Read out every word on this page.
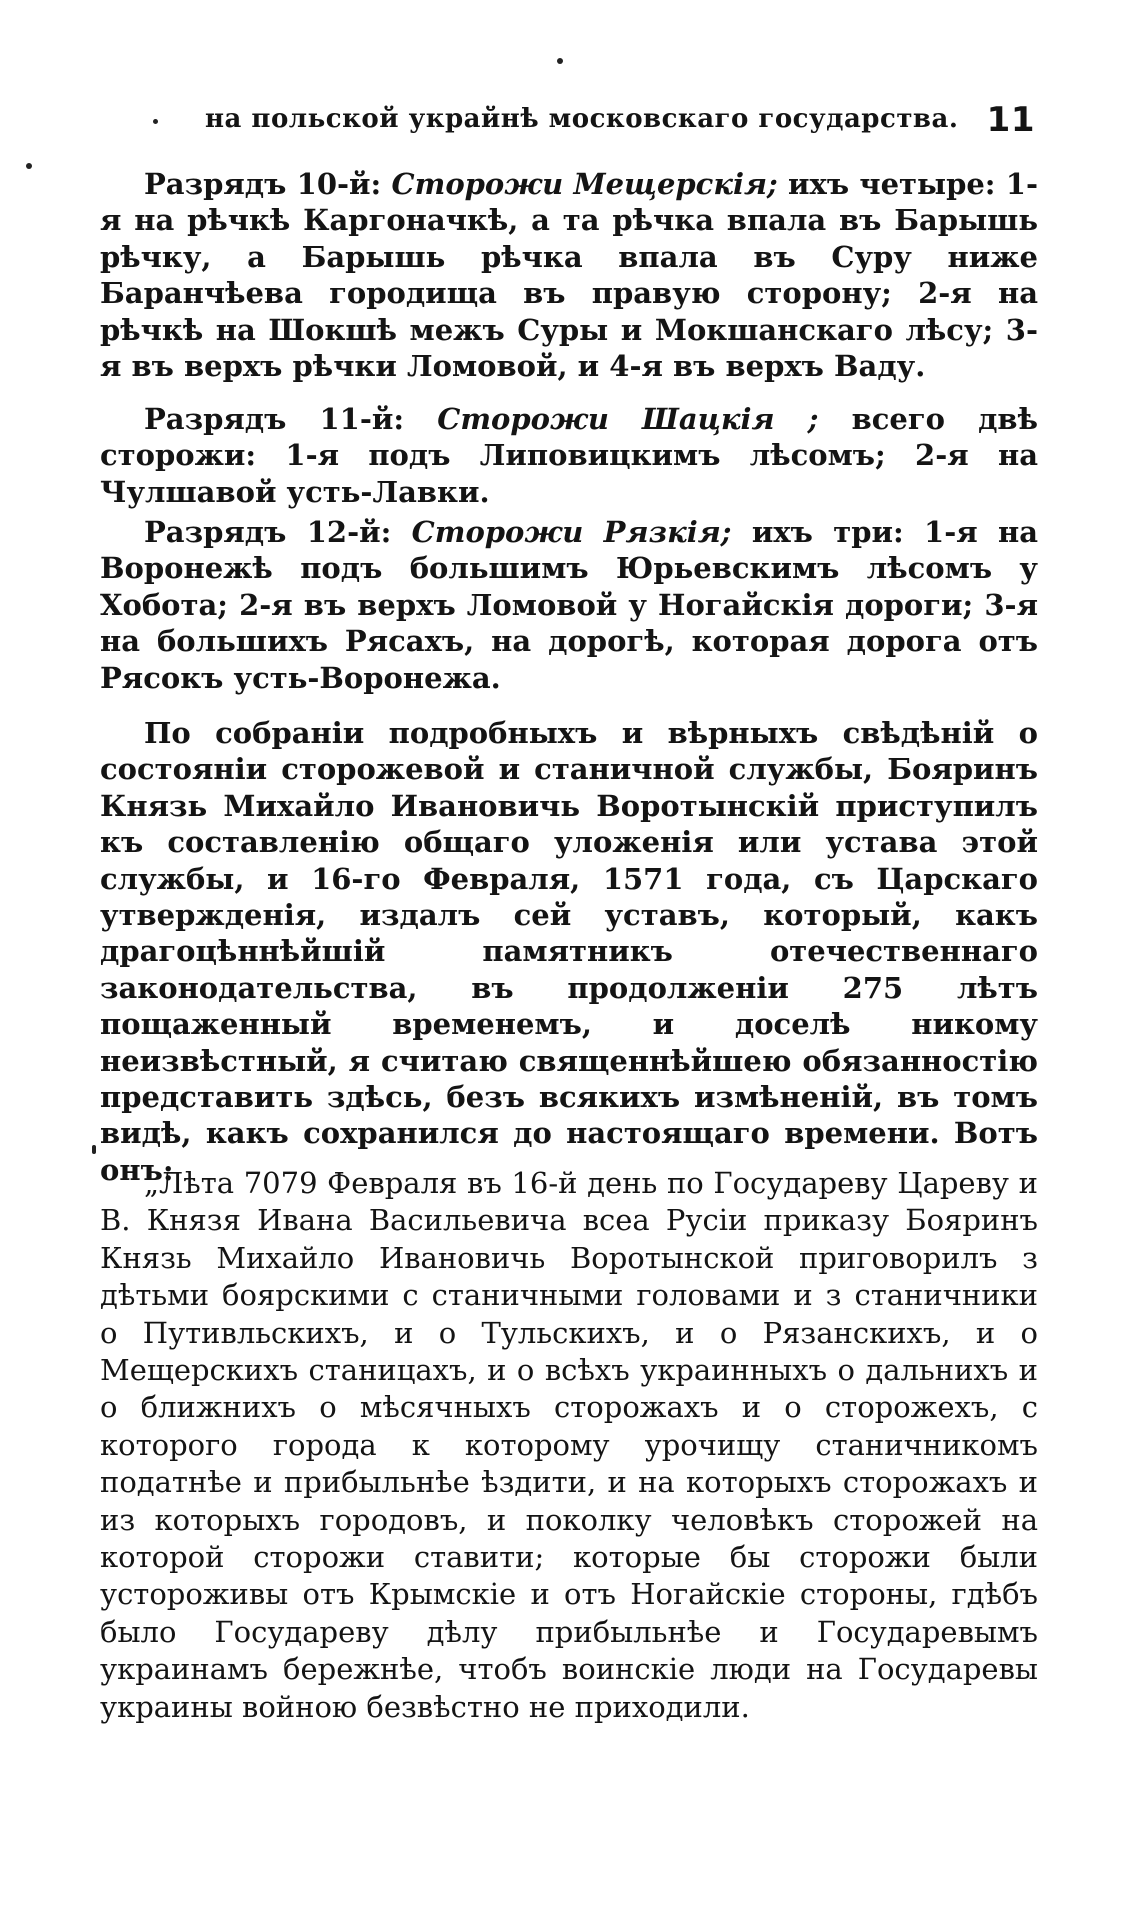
на польской украйнѣ московскаго государства. 11

Разрядъ 10-й: Сторожи Мещерскія; ихъ четыре: 1-я на рѣчкѣ Каргоначкѣ, а та рѣчка впала въ Барышь рѣчку, а Барышь рѣчка впала въ Суру ниже Баранчѣева городища въ правую сторону; 2-я на рѣчкѣ на Шокшѣ межъ Суры и Мокшанскаго лѣсу; 3-я въ верхъ рѣчки Ломовой, и 4-я въ верхъ Ваду.

Разрядъ 11-й: Сторожи Шацкія ; всего двѣ сторожи: 1-я подъ Липовицкимъ лѣсомъ; 2-я на Чулшавой усть-Лавки.

Разрядъ 12-й: Сторожи Рязкія; ихъ три: 1-я на Воронежѣ подъ большимъ Юрьевскимъ лѣсомъ у Хобота; 2-я въ верхъ Ломовой у Ногайскія дороги; 3-я на большихъ Рясахъ, на дорогѣ, которая дорога отъ Рясокъ усть-Воронежа.

По собраніи подробныхъ и вѣрныхъ свѣдѣній о состояніи сторожевой и станичной службы, Бояринъ Князь Михайло Ивановичь Воротынскій приступилъ къ составленію общаго уложенія или устава этой службы, и 16-го Февраля, 1571 года, съ Царскаго утвержденія, издалъ сей уставъ, который, какъ драгоцѣннѣйшій памятникъ отечественнаго законодательства, въ продолженіи 275 лѣтъ пощаженный временемъ, и доселѣ никому неизвѣстный, я считаю священнѣйшею обязанностію представить здѣсь, безъ всякихъ измѣненій, въ томъ видѣ, какъ сохранился до настоящаго времени. Вотъ онъ:

„Лѣта 7079 Февраля въ 16-й день по Государеву Цареву и В. Князя Ивана Васильевича всеа Русіи приказу Бояринъ Князь Михайло Ивановичь Воротынской приговорилъ з дѣтьми боярскими с станичными головами и з станичники о Путивльскихъ, и о Тульскихъ, и о Рязанскихъ, и о Мещерскихъ станицахъ, и о всѣхъ украинныхъ о дальнихъ и о ближнихъ о мѣсячныхъ сторожахъ и о сторожехъ, с которого города к которому урочищу станичникомъ податнѣе и прибыльнѣе ѣздити, и на которыхъ сторожахъ и из которыхъ городовъ, и поколку человѣкъ сторожей на которой сторожи ставити; которые бы сторожи были устороживы отъ Крымскіе и отъ Ногайскіе стороны, гдѣбъ было Государеву дѣлу прибыльнѣе и Государевымъ украинамъ бережнѣе, чтобъ воинскіе люди на Государевы украины войною безвѣстно не приходили.
